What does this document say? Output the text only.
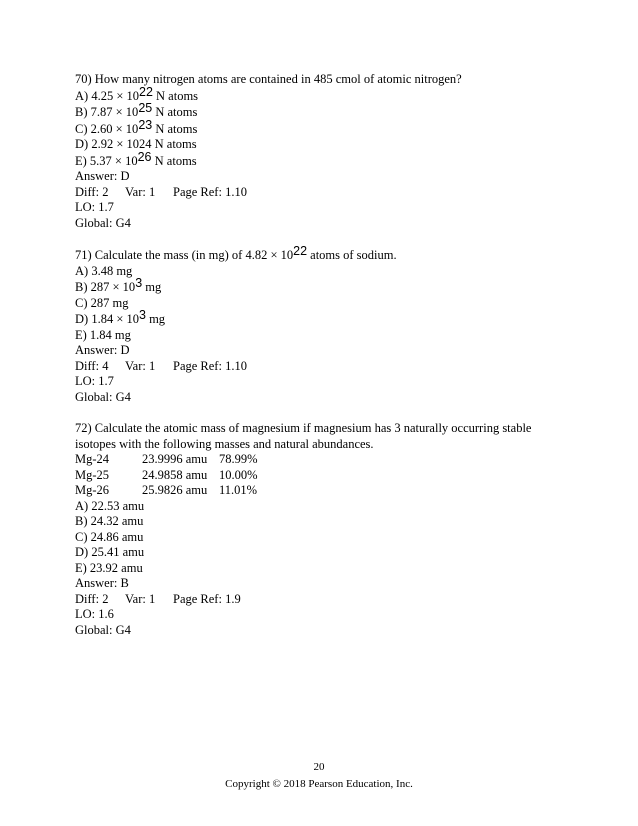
70) How many nitrogen atoms are contained in 485 cmol of atomic nitrogen?
A) 4.25 × 1022 N atoms
B) 7.87 × 1025 N atoms
C) 2.60 × 1023 N atoms
D) 2.92 × 1024 N atoms
E) 5.37 × 1026 N atoms
Answer: D
Diff: 2 Var: 1 Page Ref: 1.10
LO: 1.7
Global: G4
71) Calculate the mass (in mg) of 4.82 × 1022 atoms of sodium.
A) 3.48 mg
B) 287 × 103 mg
C) 287 mg
D) 1.84 × 103 mg
E) 1.84 mg
Answer: D
Diff: 4 Var: 1 Page Ref: 1.10
LO: 1.7
Global: G4
72) Calculate the atomic mass of magnesium if magnesium has 3 naturally occurring stable isotopes with the following masses and natural abundances.
Mg-24	23.9996 amu 78.99%
Mg-25	24.9858 amu 10.00%
Mg-26	25.9826 amu 11.01%
A) 22.53 amu
B) 24.32 amu
C) 24.86 amu
D) 25.41 amu
E) 23.92 amu
Answer: B
Diff: 2 Var: 1 Page Ref: 1.9
LO: 1.6
Global: G4
20
Copyright © 2018 Pearson Education, Inc.
